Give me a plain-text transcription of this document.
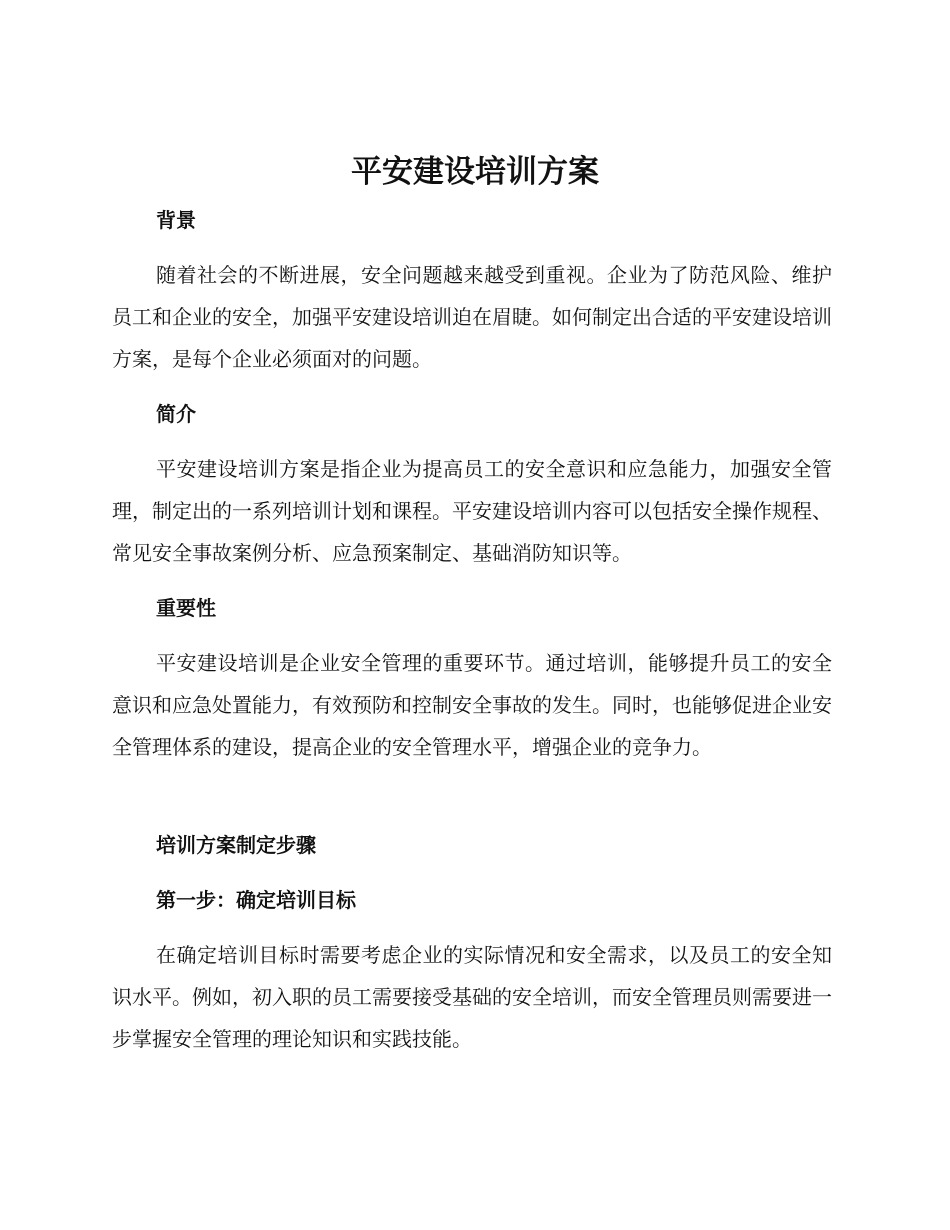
平安建设培训方案
背景

随着社会的不断进展，安全问题越来越受到重视。企业为了防范风险、维护员工和企业的安全，加强平安建设培训迫在眉睫。如何制定出合适的平安建设培训方案，是每个企业必须面对的问题。

简介

平安建设培训方案是指企业为提高员工的安全意识和应急能力，加强安全管理，制定出的一系列培训计划和课程。平安建设培训内容可以包括安全操作规程、常见安全事故案例分析、应急预案制定、基础消防知识等。

重要性

平安建设培训是企业安全管理的重要环节。通过培训，能够提升员工的安全意识和应急处置能力，有效预防和控制安全事故的发生。同时，也能够促进企业安全管理体系的建设，提高企业的安全管理水平，增强企业的竞争力。

培训方案制定步骤
第一步：确定培训目标

在确定培训目标时需要考虑企业的实际情况和安全需求，以及员工的安全知识水平。例如，初入职的员工需要接受基础的安全培训，而安全管理员则需要进一步掌握安全管理的理论知识和实践技能。
